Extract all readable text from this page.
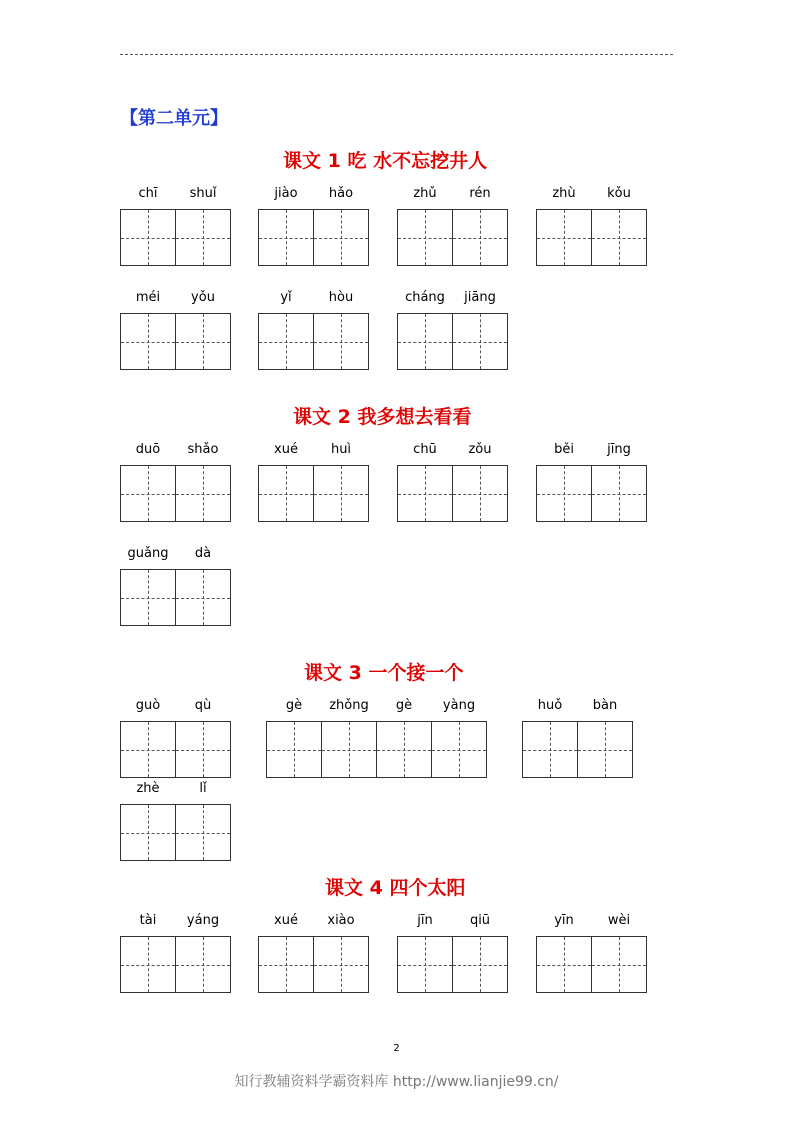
【第二单元】
课文 1 吃 水不忘挖井人
chī	shuǐ	jiào	hǎo	zhǔ	rén	zhù	kǒu
méi	yǒu	yǐ	hòu	cháng	jiāng
课文 2 我多想去看看
duō	shǎo	xué	huì	chū	zǒu	běi	jīng
guǎng	dà
课文 3 一个接一个
guò	qù	gè	zhǒng	gè	yàng	huǒ	bàn
zhè	lǐ
课文 4 四个太阳
tài	yáng	xué	xiào	jīn	qiū	yīn	wèi
2
知行教辅资料学霸资料库 http://www.lianjie99.cn/
